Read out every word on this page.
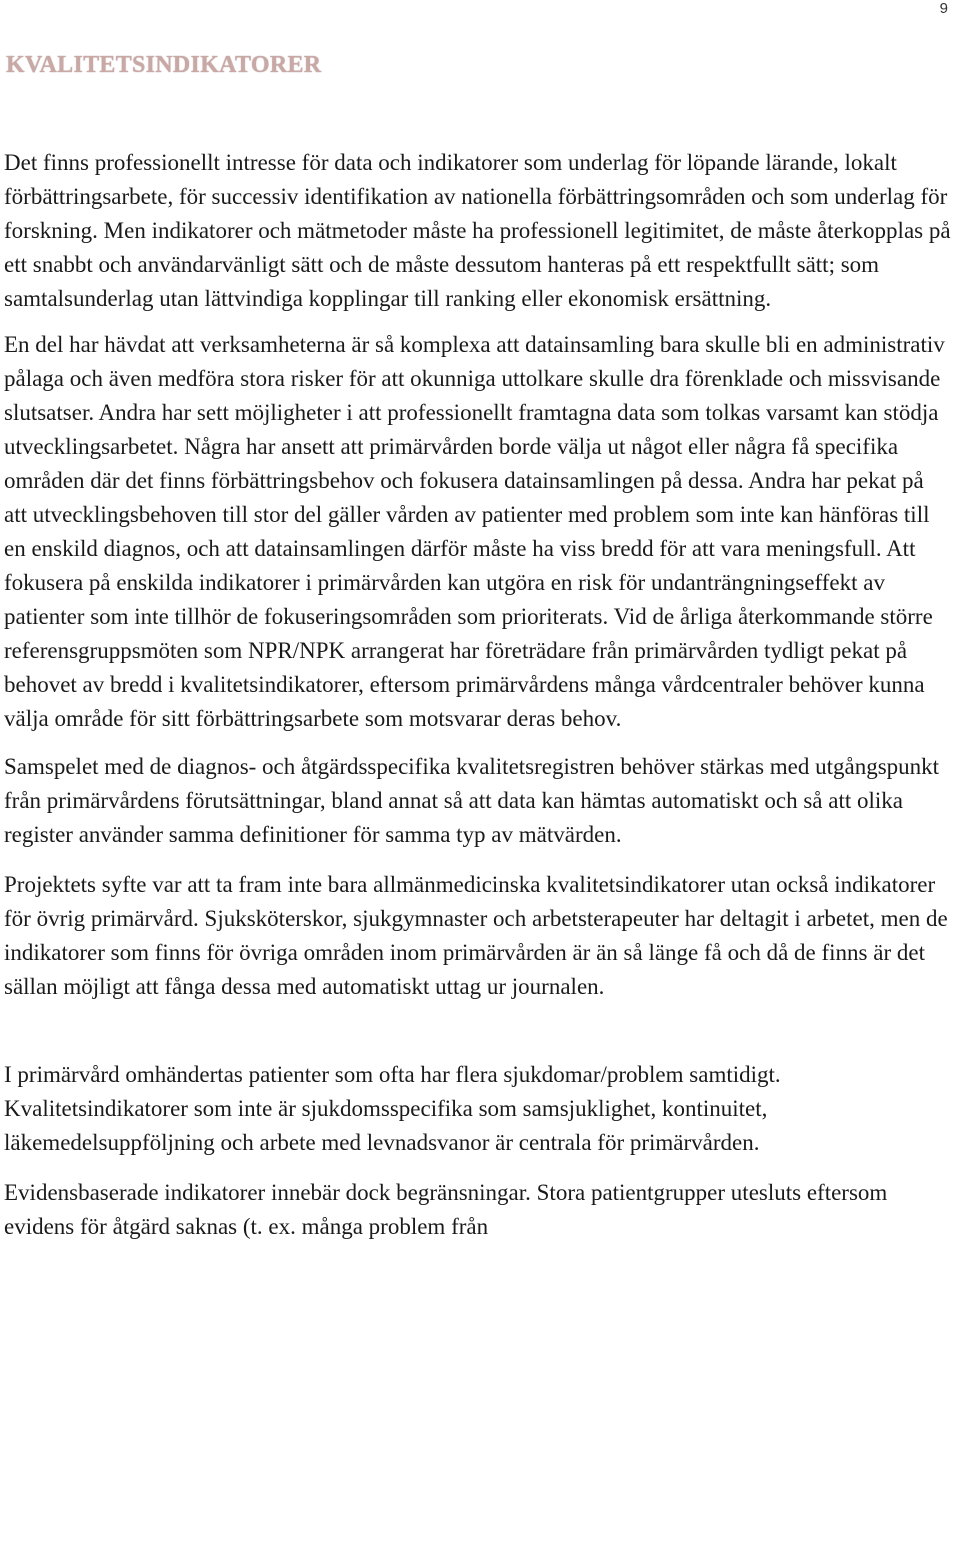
9
KVALITETSINDIKATORER

Det finns professionellt intresse för data och indikatorer som underlag för löpande lärande, lokalt förbättringsarbete, för successiv identifikation av nationella förbättringsområden och som underlag för forskning. Men indikatorer och mätmetoder måste ha professionell legitimitet, de måste återkopplas på ett snabbt och användarvänligt sätt och de måste dessutom hanteras på ett respektfullt sätt; som samtalsunderlag utan lättvindiga kopplingar till ranking eller ekonomisk ersättning.

En del har hävdat att verksamheterna är så komplexa att datainsamling bara skulle bli en administrativ pålaga och även medföra stora risker för att okunniga uttolkare skulle dra förenklade och missvisande slutsatser. Andra har sett möjligheter i att professionellt framtagna data som tolkas varsamt kan stödja utvecklingsarbetet. Några har ansett att primärvården borde välja ut något eller några få specifika områden där det finns förbättringsbehov och fokusera datainsamlingen på dessa. Andra har pekat på att utvecklingsbehoven till stor del gäller vården av patienter med problem som inte kan hänföras till en enskild diagnos, och att datainsamlingen därför måste ha viss bredd för att vara meningsfull. Att fokusera på enskilda indikatorer i primärvården kan utgöra en risk för undanträngningseffekt av patienter som inte tillhör de fokuseringsområden som prioriterats. Vid de årliga återkommande större referensgruppsmöten som NPR/NPK arrangerat har företrädare från primärvården tydligt pekat på behovet av bredd i kvalitetsindikatorer, eftersom primärvårdens många vårdcentraler behöver kunna välja område för sitt förbättringsarbete som motsvarar deras behov.

Samspelet med de diagnos- och åtgärdsspecifika kvalitetsregistren behöver stärkas med utgångspunkt från primärvårdens förutsättningar, bland annat så att data kan hämtas automatiskt och så att olika register använder samma definitioner för samma typ av mätvärden.

Projektets syfte var att ta fram inte bara allmänmedicinska kvalitetsindikatorer utan också indikatorer för övrig primärvård. Sjuksköterskor, sjukgymnaster och arbetsterapeuter har deltagit i arbetet, men de indikatorer som finns för övriga områden inom primärvården är än så länge få och då de finns är det sällan möjligt att fånga dessa med automatiskt uttag ur journalen.

I primärvård omhändertas patienter som ofta har flera sjukdomar/problem samtidigt. Kvalitetsindikatorer som inte är sjukdomsspecifika som samsjuklighet, kontinuitet, läkemedelsuppföljning och arbete med levnadsvanor är centrala för primärvården.

Evidensbaserade indikatorer innebär dock begränsningar. Stora patientgrupper utesluts eftersom evidens för åtgärd saknas (t. ex. många problem från
